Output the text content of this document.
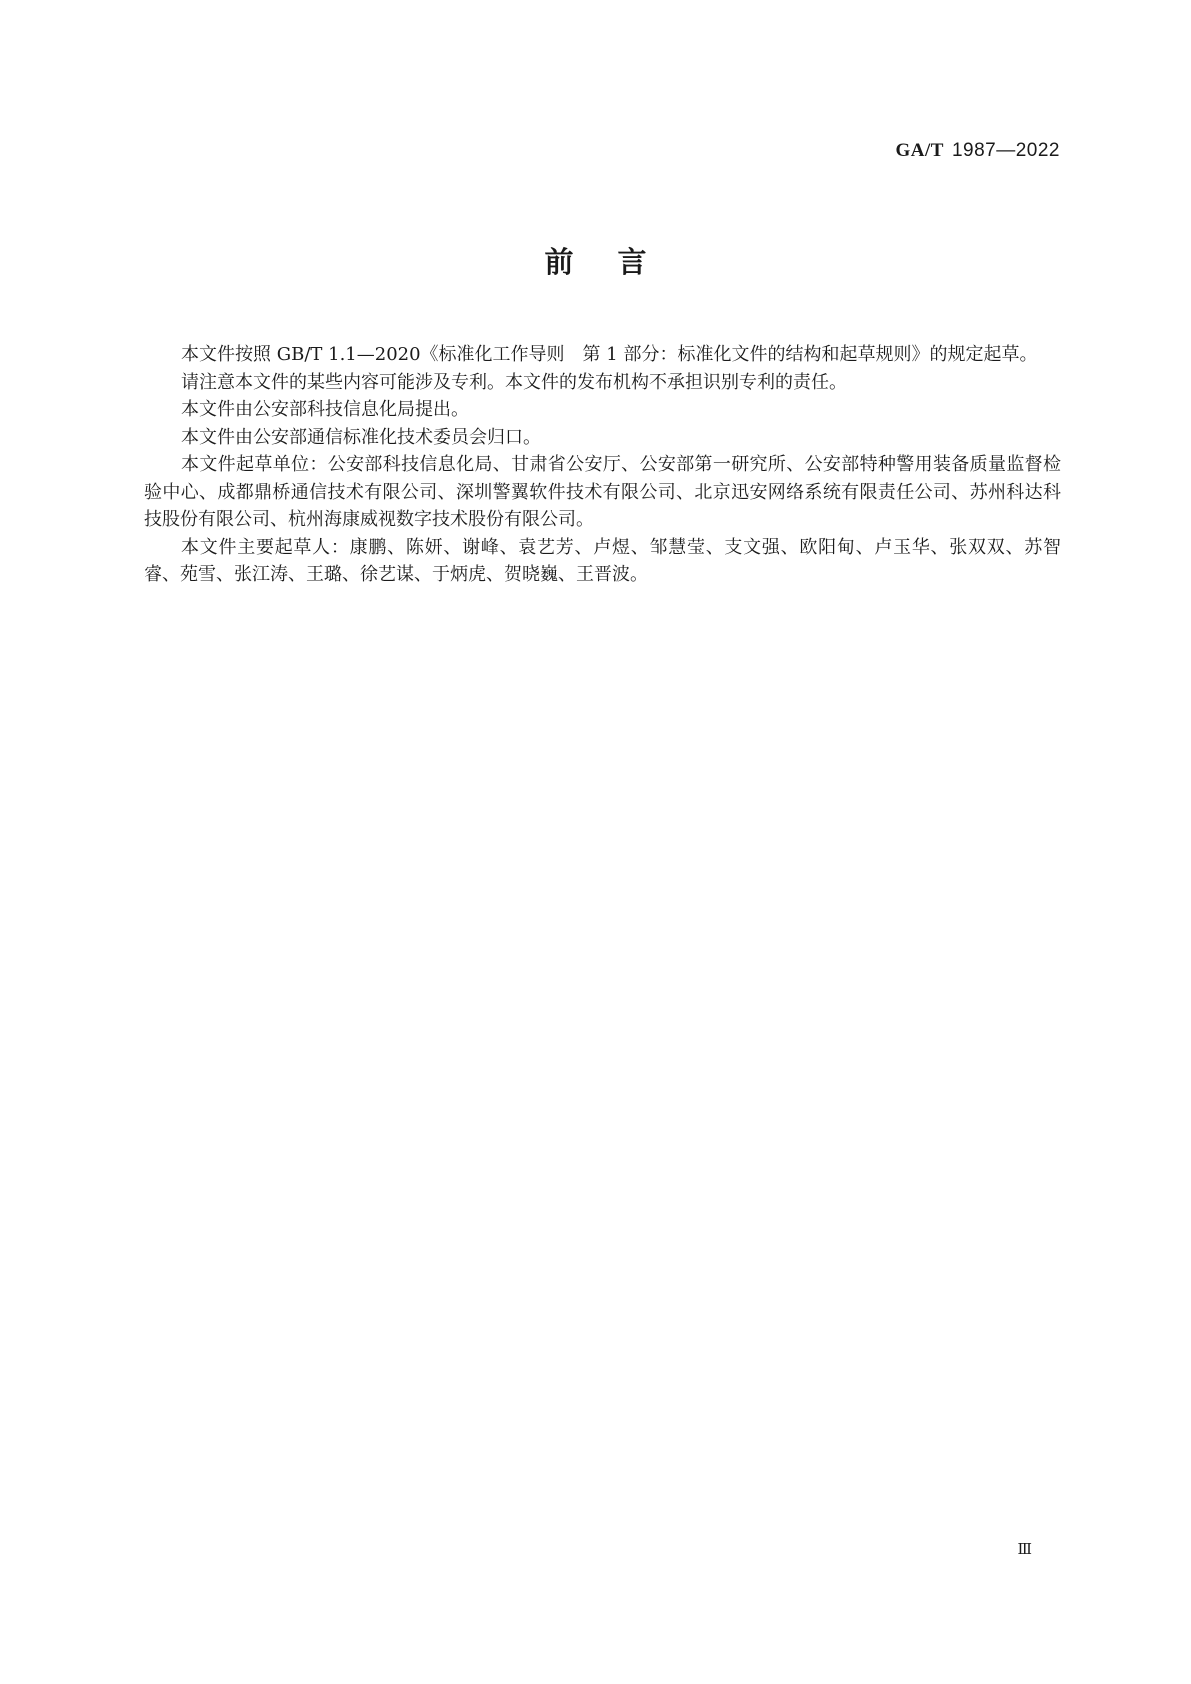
GA/T 1987—2022
前言

本文件按照 GB/T 1.1—2020《标准化工作导则　第 1 部分：标准化文件的结构和起草规则》的规定起草。

请注意本文件的某些内容可能涉及专利。本文件的发布机构不承担识别专利的责任。

本文件由公安部科技信息化局提出。

本文件由公安部通信标准化技术委员会归口。

本文件起草单位：公安部科技信息化局、甘肃省公安厅、公安部第一研究所、公安部特种警用装备质量监督检验中心、成都鼎桥通信技术有限公司、深圳警翼软件技术有限公司、北京迅安网络系统有限责任公司、苏州科达科技股份有限公司、杭州海康威视数字技术股份有限公司。

本文件主要起草人：康鹏、陈妍、谢峰、袁艺芳、卢煜、邹慧莹、支文强、欧阳甸、卢玉华、张双双、苏智睿、苑雪、张江涛、王璐、徐艺谋、于炳虎、贺晓巍、王晋波。

Ⅲ
